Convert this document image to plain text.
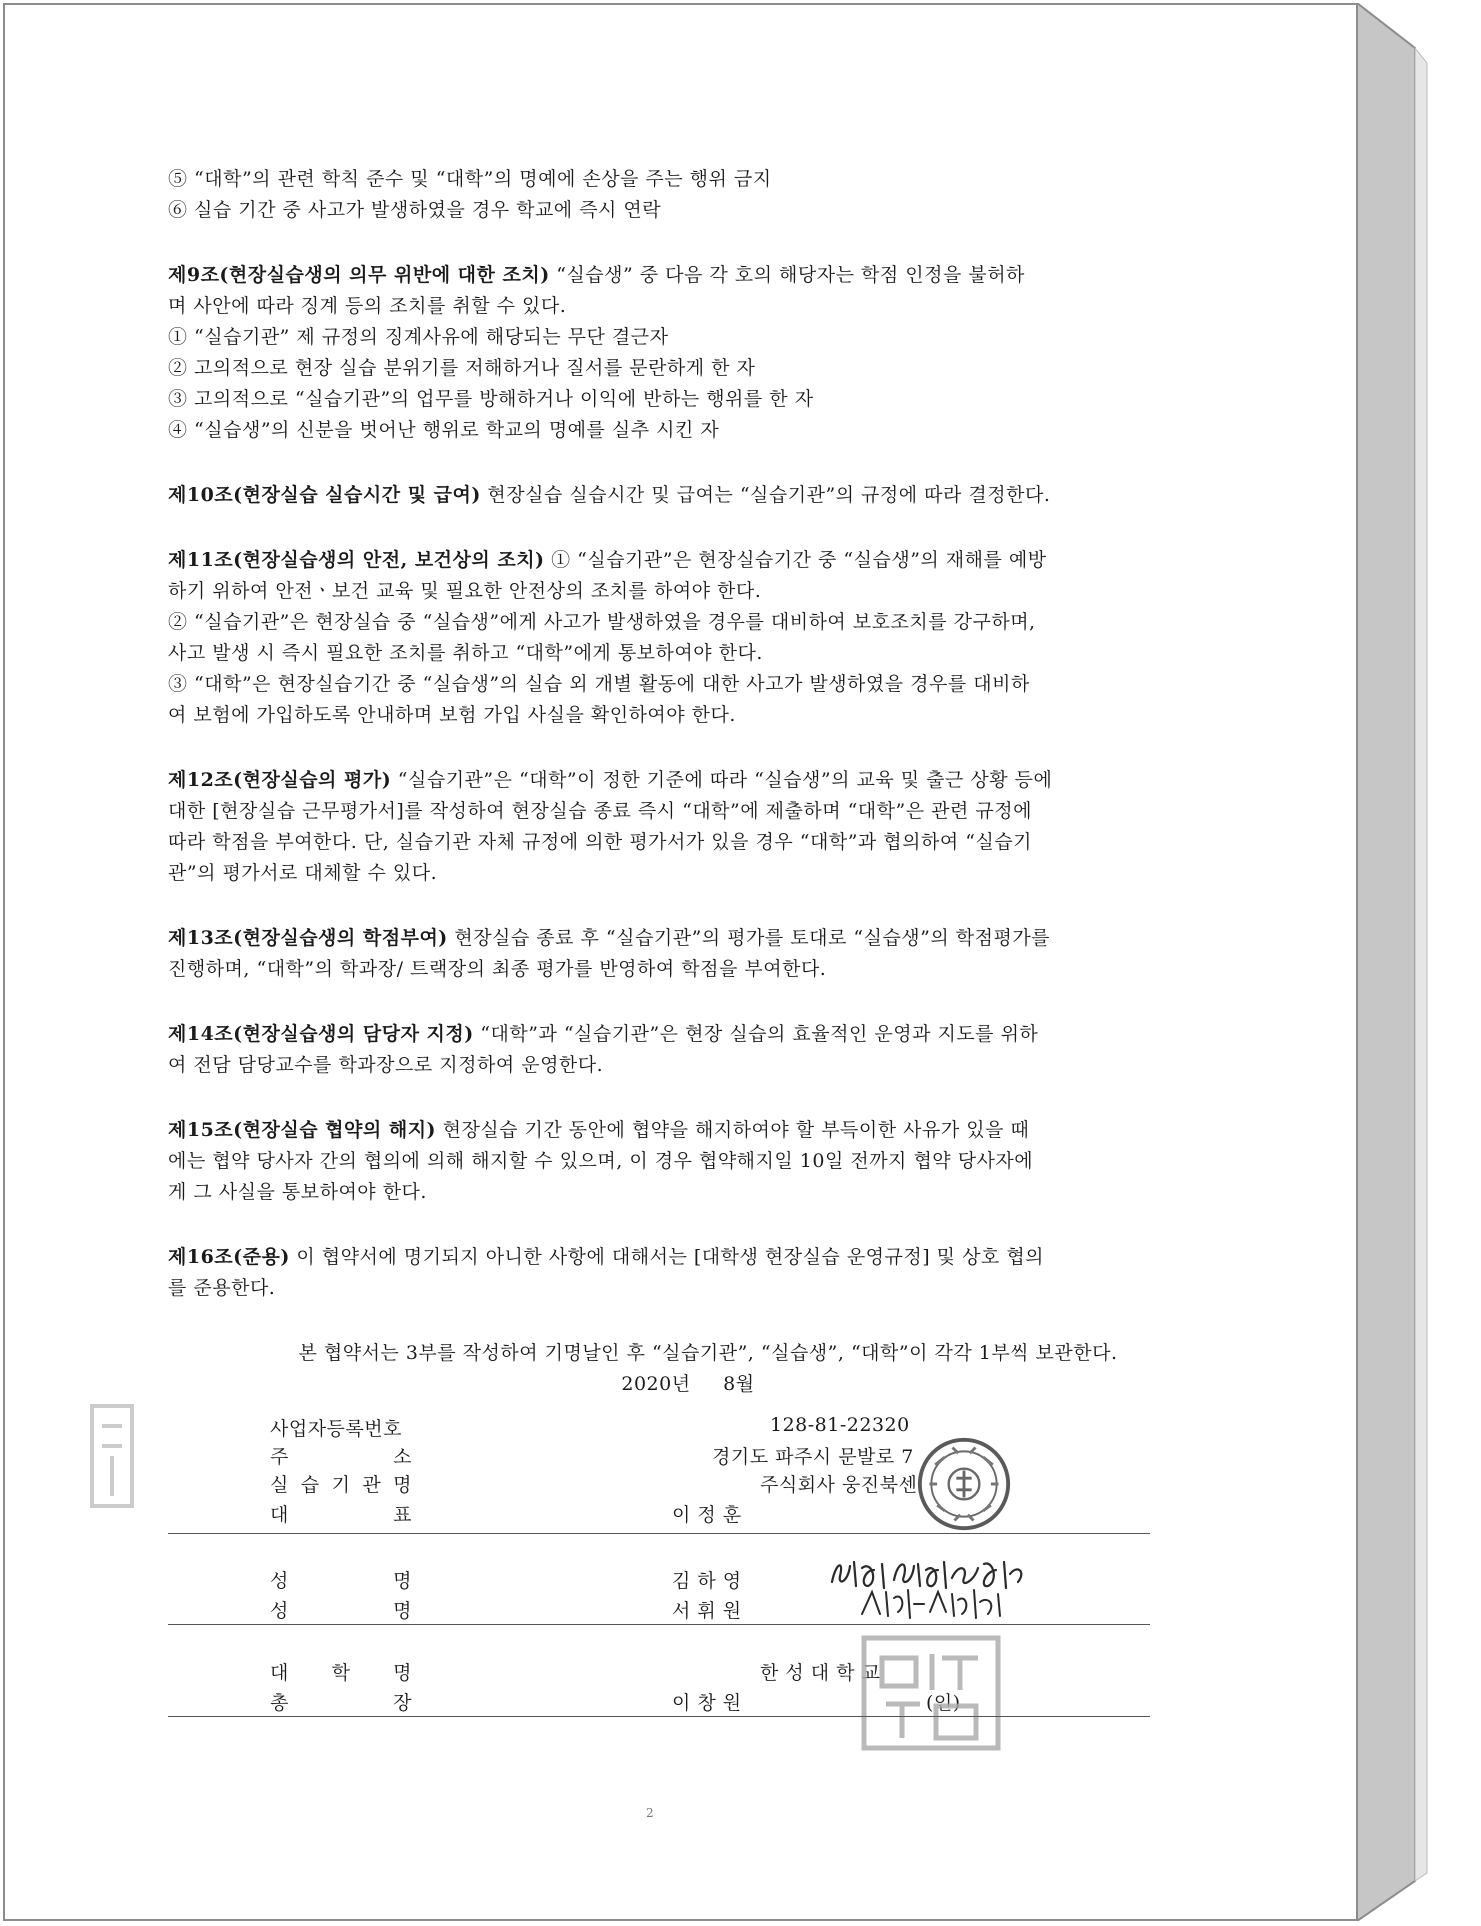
⑤ “대학”의 관련 학칙 준수 및 “대학”의 명예에 손상을 주는 행위 금지
⑥ 실습 기간 중 사고가 발생하였을 경우 학교에 즉시 연락
제9조(현장실습생의 의무 위반에 대한 조치) “실습생” 중 다음 각 호의 해당자는 학점 인정을 불허하
며 사안에 따라 징계 등의 조치를 취할 수 있다.
① “실습기관” 제 규정의 징계사유에 해당되는 무단 결근자
② 고의적으로 현장 실습 분위기를 저해하거나 질서를 문란하게 한 자
③ 고의적으로 “실습기관”의 업무를 방해하거나 이익에 반하는 행위를 한 자
④ “실습생”의 신분을 벗어난 행위로 학교의 명예를 실추 시킨 자
제10조(현장실습 실습시간 및 급여) 현장실습 실습시간 및 급여는 “실습기관”의 규정에 따라 결정한다.
제11조(현장실습생의 안전, 보건상의 조치) ① “실습기관”은 현장실습기간 중 “실습생”의 재해를 예방
하기 위하여 안전ㆍ보건 교육 및 필요한 안전상의 조치를 하여야 한다.
② “실습기관”은 현장실습 중 “실습생”에게 사고가 발생하였을 경우를 대비하여 보호조치를 강구하며,
사고 발생 시 즉시 필요한 조치를 취하고 “대학”에게 통보하여야 한다.
③ “대학”은 현장실습기간 중 “실습생”의 실습 외 개별 활동에 대한 사고가 발생하였을 경우를 대비하
여 보험에 가입하도록 안내하며 보험 가입 사실을 확인하여야 한다.
제12조(현장실습의 평가) “실습기관”은 “대학”이 정한 기준에 따라 “실습생”의 교육 및 출근 상황 등에
대한 [현장실습 근무평가서]를 작성하여 현장실습 종료 즉시 “대학”에 제출하며 “대학”은 관련 규정에
따라 학점을 부여한다. 단, 실습기관 자체 규정에 의한 평가서가 있을 경우 “대학”과 협의하여 “실습기
관”의 평가서로 대체할 수 있다.
제13조(현장실습생의 학점부여) 현장실습 종료 후 “실습기관”의 평가를 토대로 “실습생”의 학점평가를
진행하며, “대학”의 학과장/ 트랙장의 최종 평가를 반영하여 학점을 부여한다.
제14조(현장실습생의 담당자 지정) “대학”과 “실습기관”은 현장 실습의 효율적인 운영과 지도를 위하
여 전담 담당교수를 학과장으로 지정하여 운영한다.
제15조(현장실습 협약의 해지) 현장실습 기간 동안에 협약을 해지하여야 할 부득이한 사유가 있을 때
에는 협약 당사자 간의 협의에 의해 해지할 수 있으며, 이 경우 협약해지일 10일 전까지 협약 당사자에
게 그 사실을 통보하여야 한다.
제16조(준용) 이 협약서에 명기되지 아니한 사항에 대해서는 [대학생 현장실습 운영규정] 및 상호 협의
를 준용한다.
본 협약서는 3부를 작성하여 기명날인 후 “실습기관”, “실습생”, “대학”이 각각 1부씩 보관한다.
2020년 　 8월
사업자등록번호	128-81-22320
주	소	경기도 파주시 문발로 7
실 습 기 관 명	주식회사 웅진북센
대	표	이 정 훈
성	명	김 하 영
성	명	서 휘 원
대 학 명	한 성 대 학 교
총	장	이 창 원	(인)
2
